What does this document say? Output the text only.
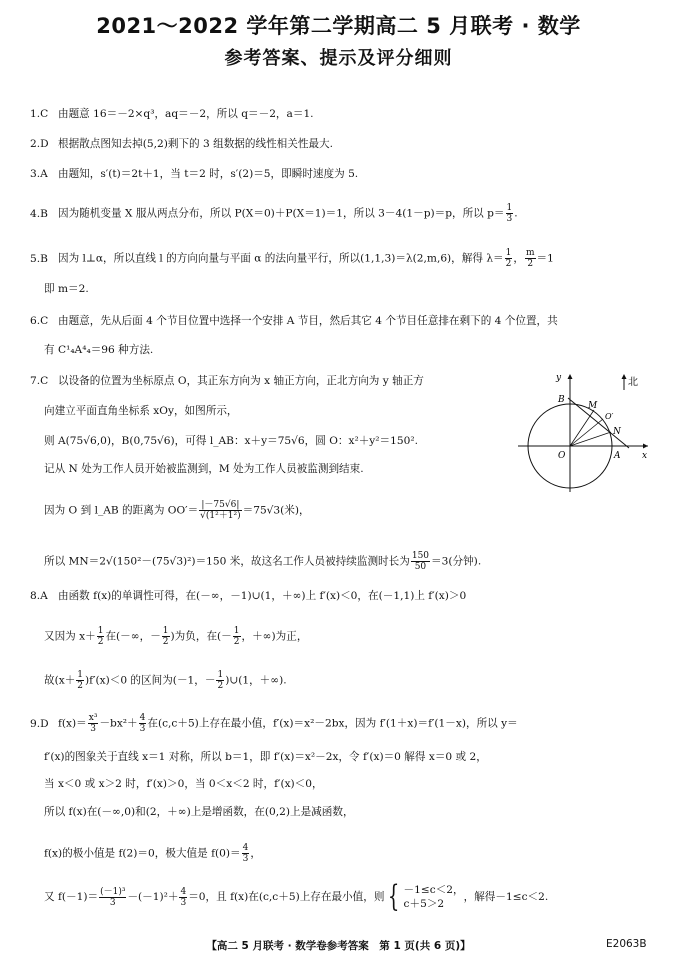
2021～2022 学年第二学期高二 5 月联考 · 数学
参考答案、提示及评分细则
1.C 由题意 16＝－2×q³，aq＝－2，所以 q＝－2，a＝1.
2.D 根据散点图知去掉(5,2)剩下的 3 组数据的线性相关性最大.
3.A 由题知，s′(t)＝2t＋1，当 t＝2 时，s′(2)＝5，即瞬时速度为 5.
4.B 因为随机变量 X 服从两点分布，所以 P(X＝0)＋P(X＝1)＝1，所以 3－4(1－p)＝p，所以 $p= \frac{1}{3}$ .
5.B 因为 l⊥α，所以直线 l 的方向向量与平面 α 的法向量平行，所以(1,1,3)＝λ(2,m,6)，解得 $\lambda= \frac{1}{2}$ ， $\frac{m}{2} =1$
即 m＝2.
6.C 由题意，先从后面 4 个节目位置中选择一个安排 A 节目，然后其它 4 个节目任意排在剩下的 4 个位置，共
有 C¹₄A⁴₄＝96 种方法.
7.C 以设备的位置为坐标原点 O，其正东方向为 x 轴正方向，正北方向为 y 轴正方
向建立平面直角坐标系 xOy，如图所示，
则 A(75√6,0)，B(0,75√6)，可得 l_AB：x＋y＝75√6，圆 O：x²＋y²＝150².
记从 N 处为工作人员开始被监测到，M 处为工作人员被监测到结束.
因为 O 到 l_AB 的距离为 $OO'= \frac{|-75√6|}{\text{√(1²＋1²)}} =75√3$(米)，
所以 MN＝2√(150²－(75√3)²)＝150 米，故这名工作人员被持续监测时长为 $\frac{150}{50} =3$(分钟).
y	北
B
M
O′
N
O	A x
8.A 由函数 f(x)的单调性可得，在(－∞，－1)∪(1，＋∞)上 f′(x)＜0，在(－1,1)上 f′(x)＞0
又因为 $x+ \frac{1}{2}$ 在(－∞，－ $\frac{1}{2}$ )为负，在(－ $\frac{1}{2}$ ，＋∞)为正，
故$(x+ \frac{1}{2} )f'(x)<0$ 的区间为(－1，－ $\frac{1}{2}$ )∪(1，＋∞).
9.D $f(x)= \frac{\text{x³}}{3} -bx^2+ \frac{4}{3}$ 在(c,c＋5)上存在最小值，f′(x)＝x²－2bx，因为 f′(1＋x)＝f′(1－x)，所以 y＝
f′(x)的图象关于直线 x＝1 对称，所以 b＝1，即 f′(x)＝x²－2x，令 f′(x)＝0 解得 x＝0 或 2，
当 x＜0 或 x＞2 时，f′(x)＞0，当 0＜x＜2 时，f′(x)＜0，
所以 f(x)在(－∞,0)和(2，＋∞)上是增函数，在(0,2)上是减函数，
f(x)的极小值是 f(2)＝0，极大值是 $f(0)= \frac{4}{3}$ ，
又 $f(-1)= \frac{\text{(－1)³}}{3} -(-1)^2+ \frac{4}{3} =0$，且 f(x)在(c,c＋5)上存在最小值，则 { －1≤c＜2，
c＋5＞2
，解得－1≤c＜2.
【高二 5 月联考 · 数学卷参考答案　第 1 页(共 6 页)】	E2063B
